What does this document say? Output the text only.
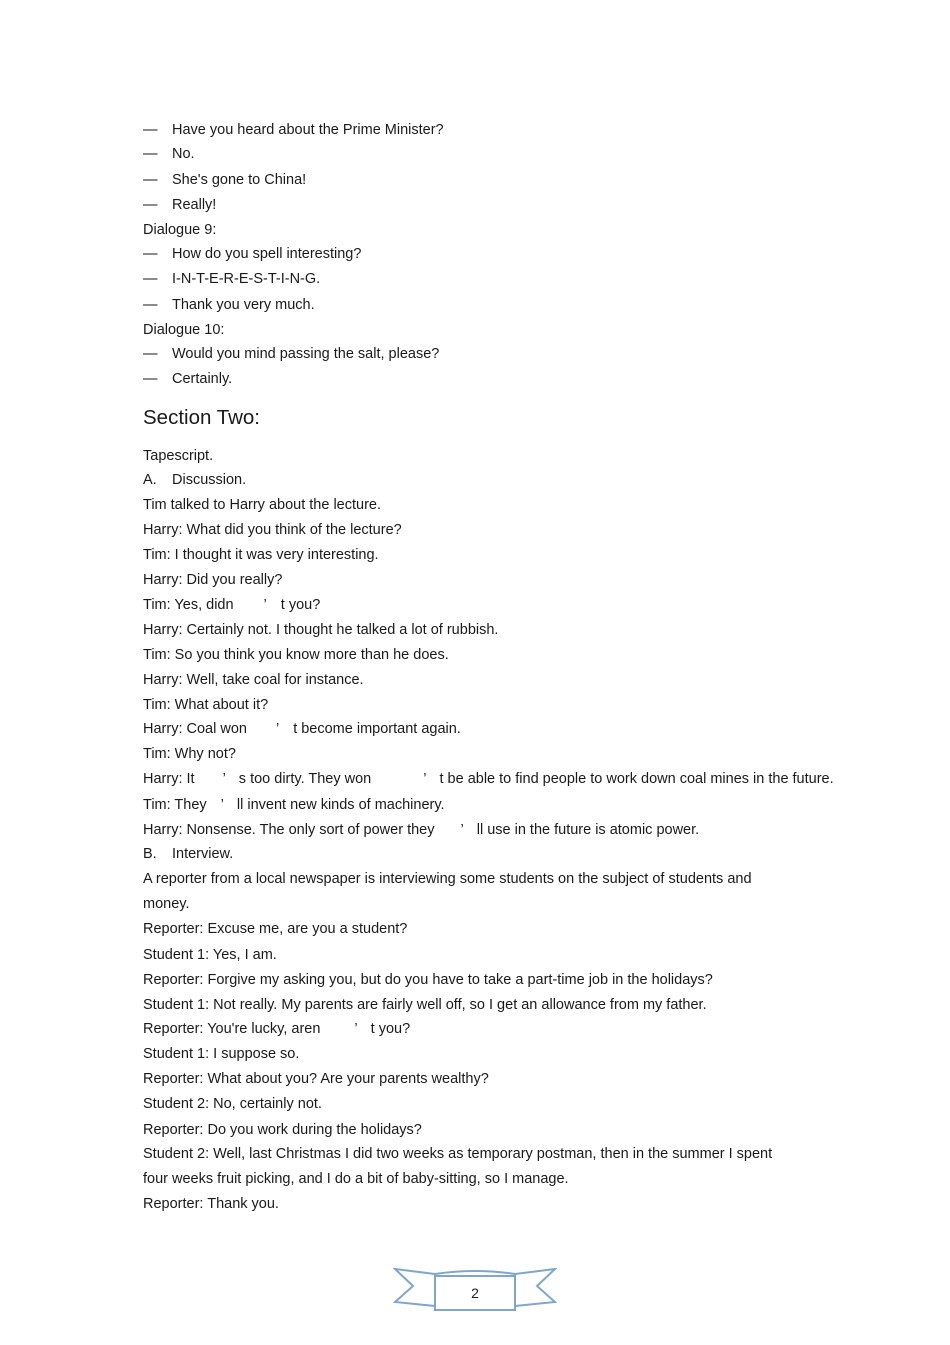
— Have you heard about the Prime Minister?
— No.
— She's gone to China!
— Really!
Dialogue 9:
— How do you spell interesting?
— I-N-T-E-R-E-S-T-I-N-G.
— Thank you very much.
Dialogue 10:
— Would you mind passing the salt, please?
— Certainly.
Section Two:
Tapescript.
A. Discussion.
Tim talked to Harry about the lecture.
Harry: What did you think of the lecture?
Tim: I thought it was very interesting.
Harry: Did you really?
Tim: Yes, didn ’ t you?
Harry: Certainly not. I thought he talked a lot of rubbish.
Tim: So you think you know more than he does.
Harry: Well, take coal for instance.
Tim: What about it?
Harry: Coal won ’ t become important again.
Tim: Why not?
Harry: It ’ s too dirty. They won	’ t be able to find people to work down coal mines in the future.
Tim: They ’ ll invent new kinds of machinery.
Harry: Nonsense. The only sort of power they ’ ll use in the future is atomic power.
B. Interview.
A reporter from a local newspaper is interviewing some students on the subject of students and
money.
Reporter: Excuse me, are you a student?
Student 1: Yes, I am.
Reporter: Forgive my asking you, but do you have to take a part-time job in the holidays?
Student 1: Not really. My parents are fairly well off, so I get an allowance from my father.
Reporter: You're lucky, aren ’ t you?
Student 1: I suppose so.
Reporter: What about you? Are your parents wealthy?
Student 2: No, certainly not.
Reporter: Do you work during the holidays?
Student 2: Well, last Christmas I did two weeks as temporary postman, then in the summer I spent
four weeks fruit picking, and I do a bit of baby-sitting, so I manage.
Reporter: Thank you.
2
